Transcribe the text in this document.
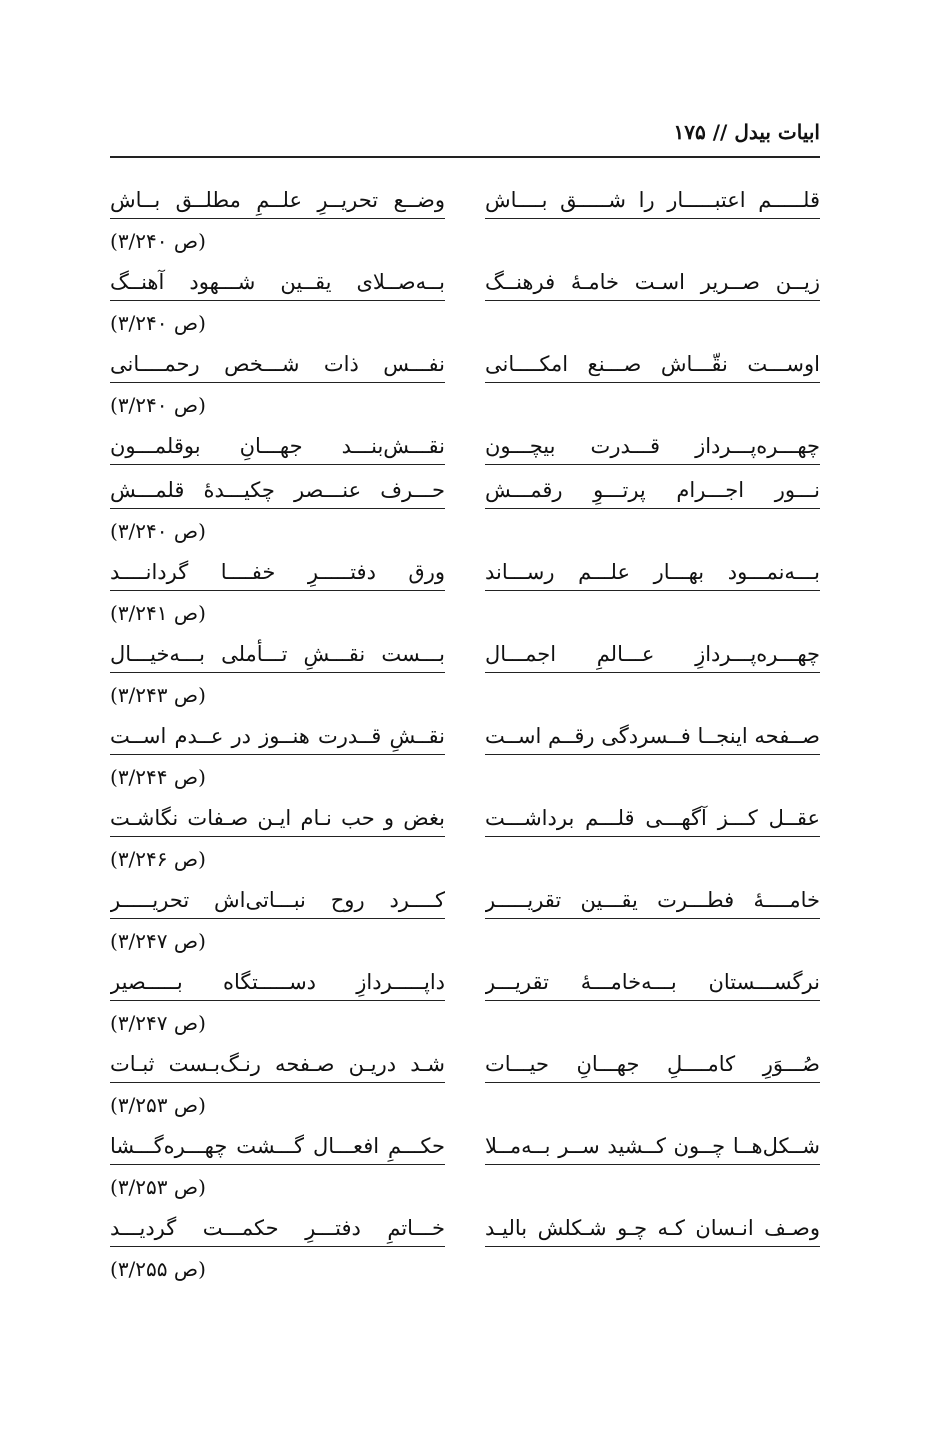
ابیات بیدل // ۱۷۵
قلـــــم اعتبـــــار را شـــــق بــــاش
وضــع تحریــرِ علــمِ مطلــق بــاش
(ص ۳/۲۴۰)
زیــن صــریر اسـت خامـۀ فرهنــگ
بــه‌صــلای یقــین شـــهود آهنــگ
(ص ۳/۲۴۰)
اوســـت نقّـــاش صـــنع امکــــانی
نفـــس ذات شـــخص رحمــــانی
(ص ۳/۲۴۰)
چهـــره‌پـــرداز قـــدرت بیچـــون
نقـــش‌بنـــد جهـــانِ بوقلمـــون
نـــور اجـــرام پرتـــوِ رقمـــش
حـــرف عنـــصر چکیـــدۀ قلمـــش
(ص ۳/۲۴۰)
بـــه‌نمـــود بهـــار علـــم رســـاند
ورق دفتـــــرِ خفــــا گردانــــد
(ص ۳/۲۴۱)
چهـــره‌پـــردازِ عـــالمِ اجمـــال
بـــست نقـــشِ تـــأملی بـــه‌خیـــال
(ص ۳/۲۴۳)
صــفحه اینجــا فــسردگی رقــم اســت
نقــشِ قــدرت هنــوز در عــدم اســت
(ص ۳/۲۴۴)
عقــل کـــز آگهـــی قلـــم برداشـــت
بغض و حب نـام ایـن صـفات نگاشـت
(ص ۳/۲۴۶)
خامــــۀ فطـــرت یقـــین تقریـــــر
کــــرد روح نبـــاتی‌اش تحریـــــر
(ص ۳/۲۴۷)
نرگســـستان بـــه‌خامـــۀ تقریـــر
داپـــــردازِ دســـــتگاه بـــــصیر
(ص ۳/۲۴۷)
صُـــوَرِ کامــــلِ جهـــانِ حیـــات
شـد دریـن صـفحه رنـگ‌بـست ثبـات
(ص ۳/۲۵۳)
شــکل‌هــا چــون کــشید ســر بــه‌مــلا
حکـــمِ افعـــال گـــشت چهـــره‌گـــشا
(ص ۳/۲۵۳)
وصـف انـسان کـه چـو شـکلش بالیـد
خـــاتمِ دفتـــرِ حکمـــت گردیـــد
(ص ۳/۲۵۵)
